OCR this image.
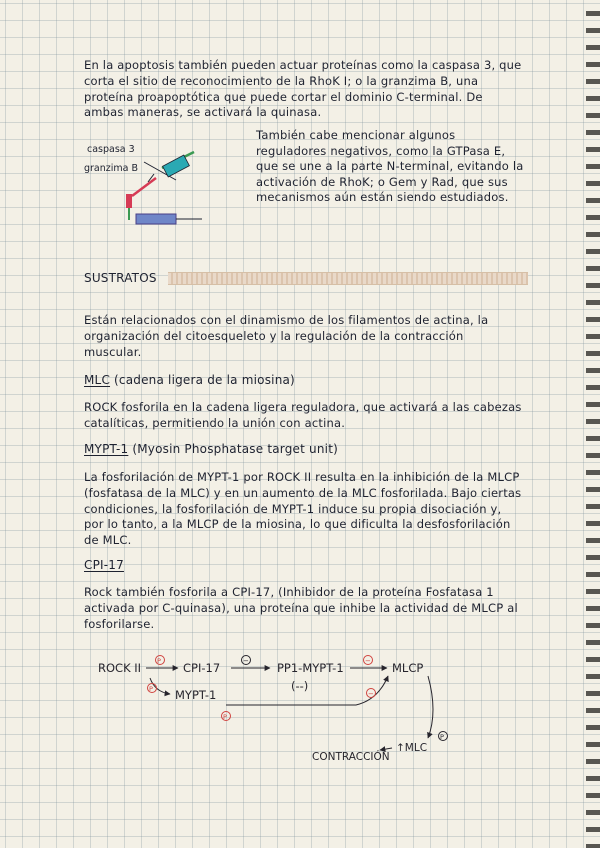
En la apoptosis también pueden actuar proteínas como la caspasa 3, que corta el sitio de reconocimiento de la RhoK I; o la granzima B, una proteína proapoptótica que puede cortar el dominio C-terminal. De ambas maneras, se activará la quinasa.

caspasa 3
granzima B

También cabe mencionar algunos reguladores negativos, como la GTPasa E, que se une a la parte N-terminal, evitando la activación de RhoK; o Gem y Rad, que sus mecanismos aún están siendo estudiados.

SUSTRATOS

Están relacionados con el dinamismo de los filamentos de actina, la organización del citoesqueleto y la regulación de la contracción muscular.

MLC (cadena ligera de la miosina)

ROCK fosforila en la cadena ligera reguladora, que activará a las cabezas catalíticas, permitiendo la unión con actina.

MYPT-1 (Myosin Phosphatase target unit)

La fosforilación de MYPT-1 por ROCK II resulta en la inhibición de la MLCP (fosfatasa de la MLC) y en un aumento de la MLC fosforilada. Bajo ciertas condiciones, la fosforilación de MYPT-1 induce su propia disociación y, por lo tanto, a la MLCP de la miosina, lo que dificulta la desfosforilación de MLC.

CPI-17

Rock también fosforila a CPI-17, (Inhibidor de la proteína Fosfatasa 1 activada por C-quinasa), una proteína que inhibe la actividad de MLCP al fosforilarse.

ROCK II	CPI-17	PP1-MYPT-1	MLCP
MYPT-1
(--)
CONTRACCIÓN
↑MLC
P	−	−
P
P
−
P
